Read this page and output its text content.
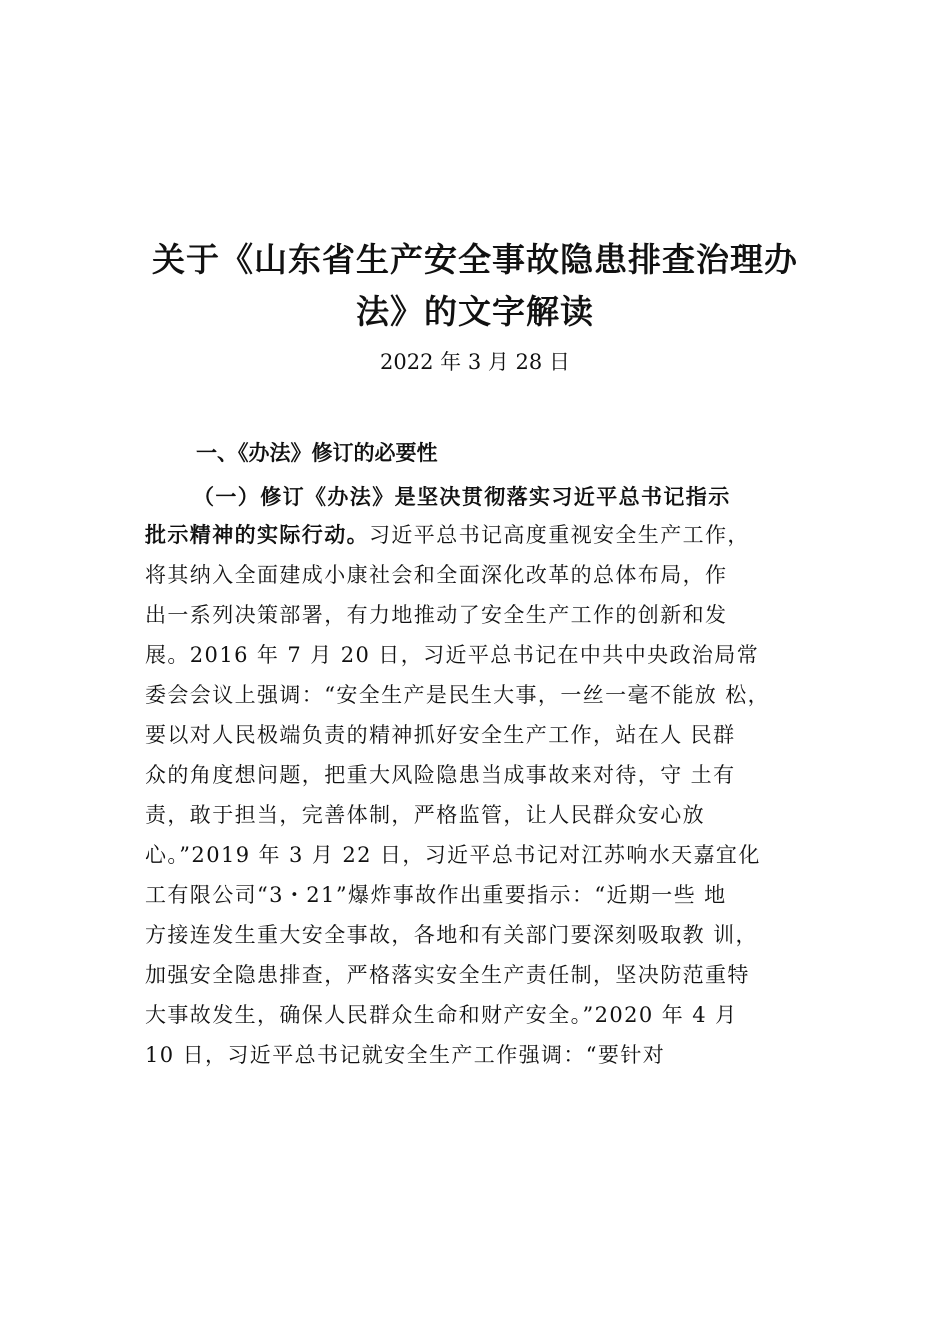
关于《山东省生产安全事故隐患排查治理办
法》的文字解读
2022 年 3 月 28 日
一、《办法》修订的必要性
（一）修订《办法》是坚决贯彻落实习近平总书记指示
批示精神的实际行动。习近平总书记高度重视安全生产工作，
将其纳入全面建成小康社会和全面深化改革的总体布局，作
出一系列决策部署，有力地推动了安全生产工作的创新和发
展。2016 年 7 月 20 日，习近平总书记在中共中央政治局常
委会会议上强调：“安全生产是民生大事，一丝一毫不能放 松，
要以对人民极端负责的精神抓好安全生产工作，站在人 民群
众的角度想问题，把重大风险隐患当成事故来对待，守 土有
责，敢于担当，完善体制，严格监管，让人民群众安心放
心。”2019 年 3 月 22 日，习近平总书记对江苏响水天嘉宜化
工有限公司“3・21”爆炸事故作出重要指示：“近期一些 地
方接连发生重大安全事故，各地和有关部门要深刻吸取教 训，
加强安全隐患排查，严格落实安全生产责任制，坚决防范重特
大事故发生，确保人民群众生命和财产安全。”2020 年 4 月
10 日，习近平总书记就安全生产工作强调：“要针对
